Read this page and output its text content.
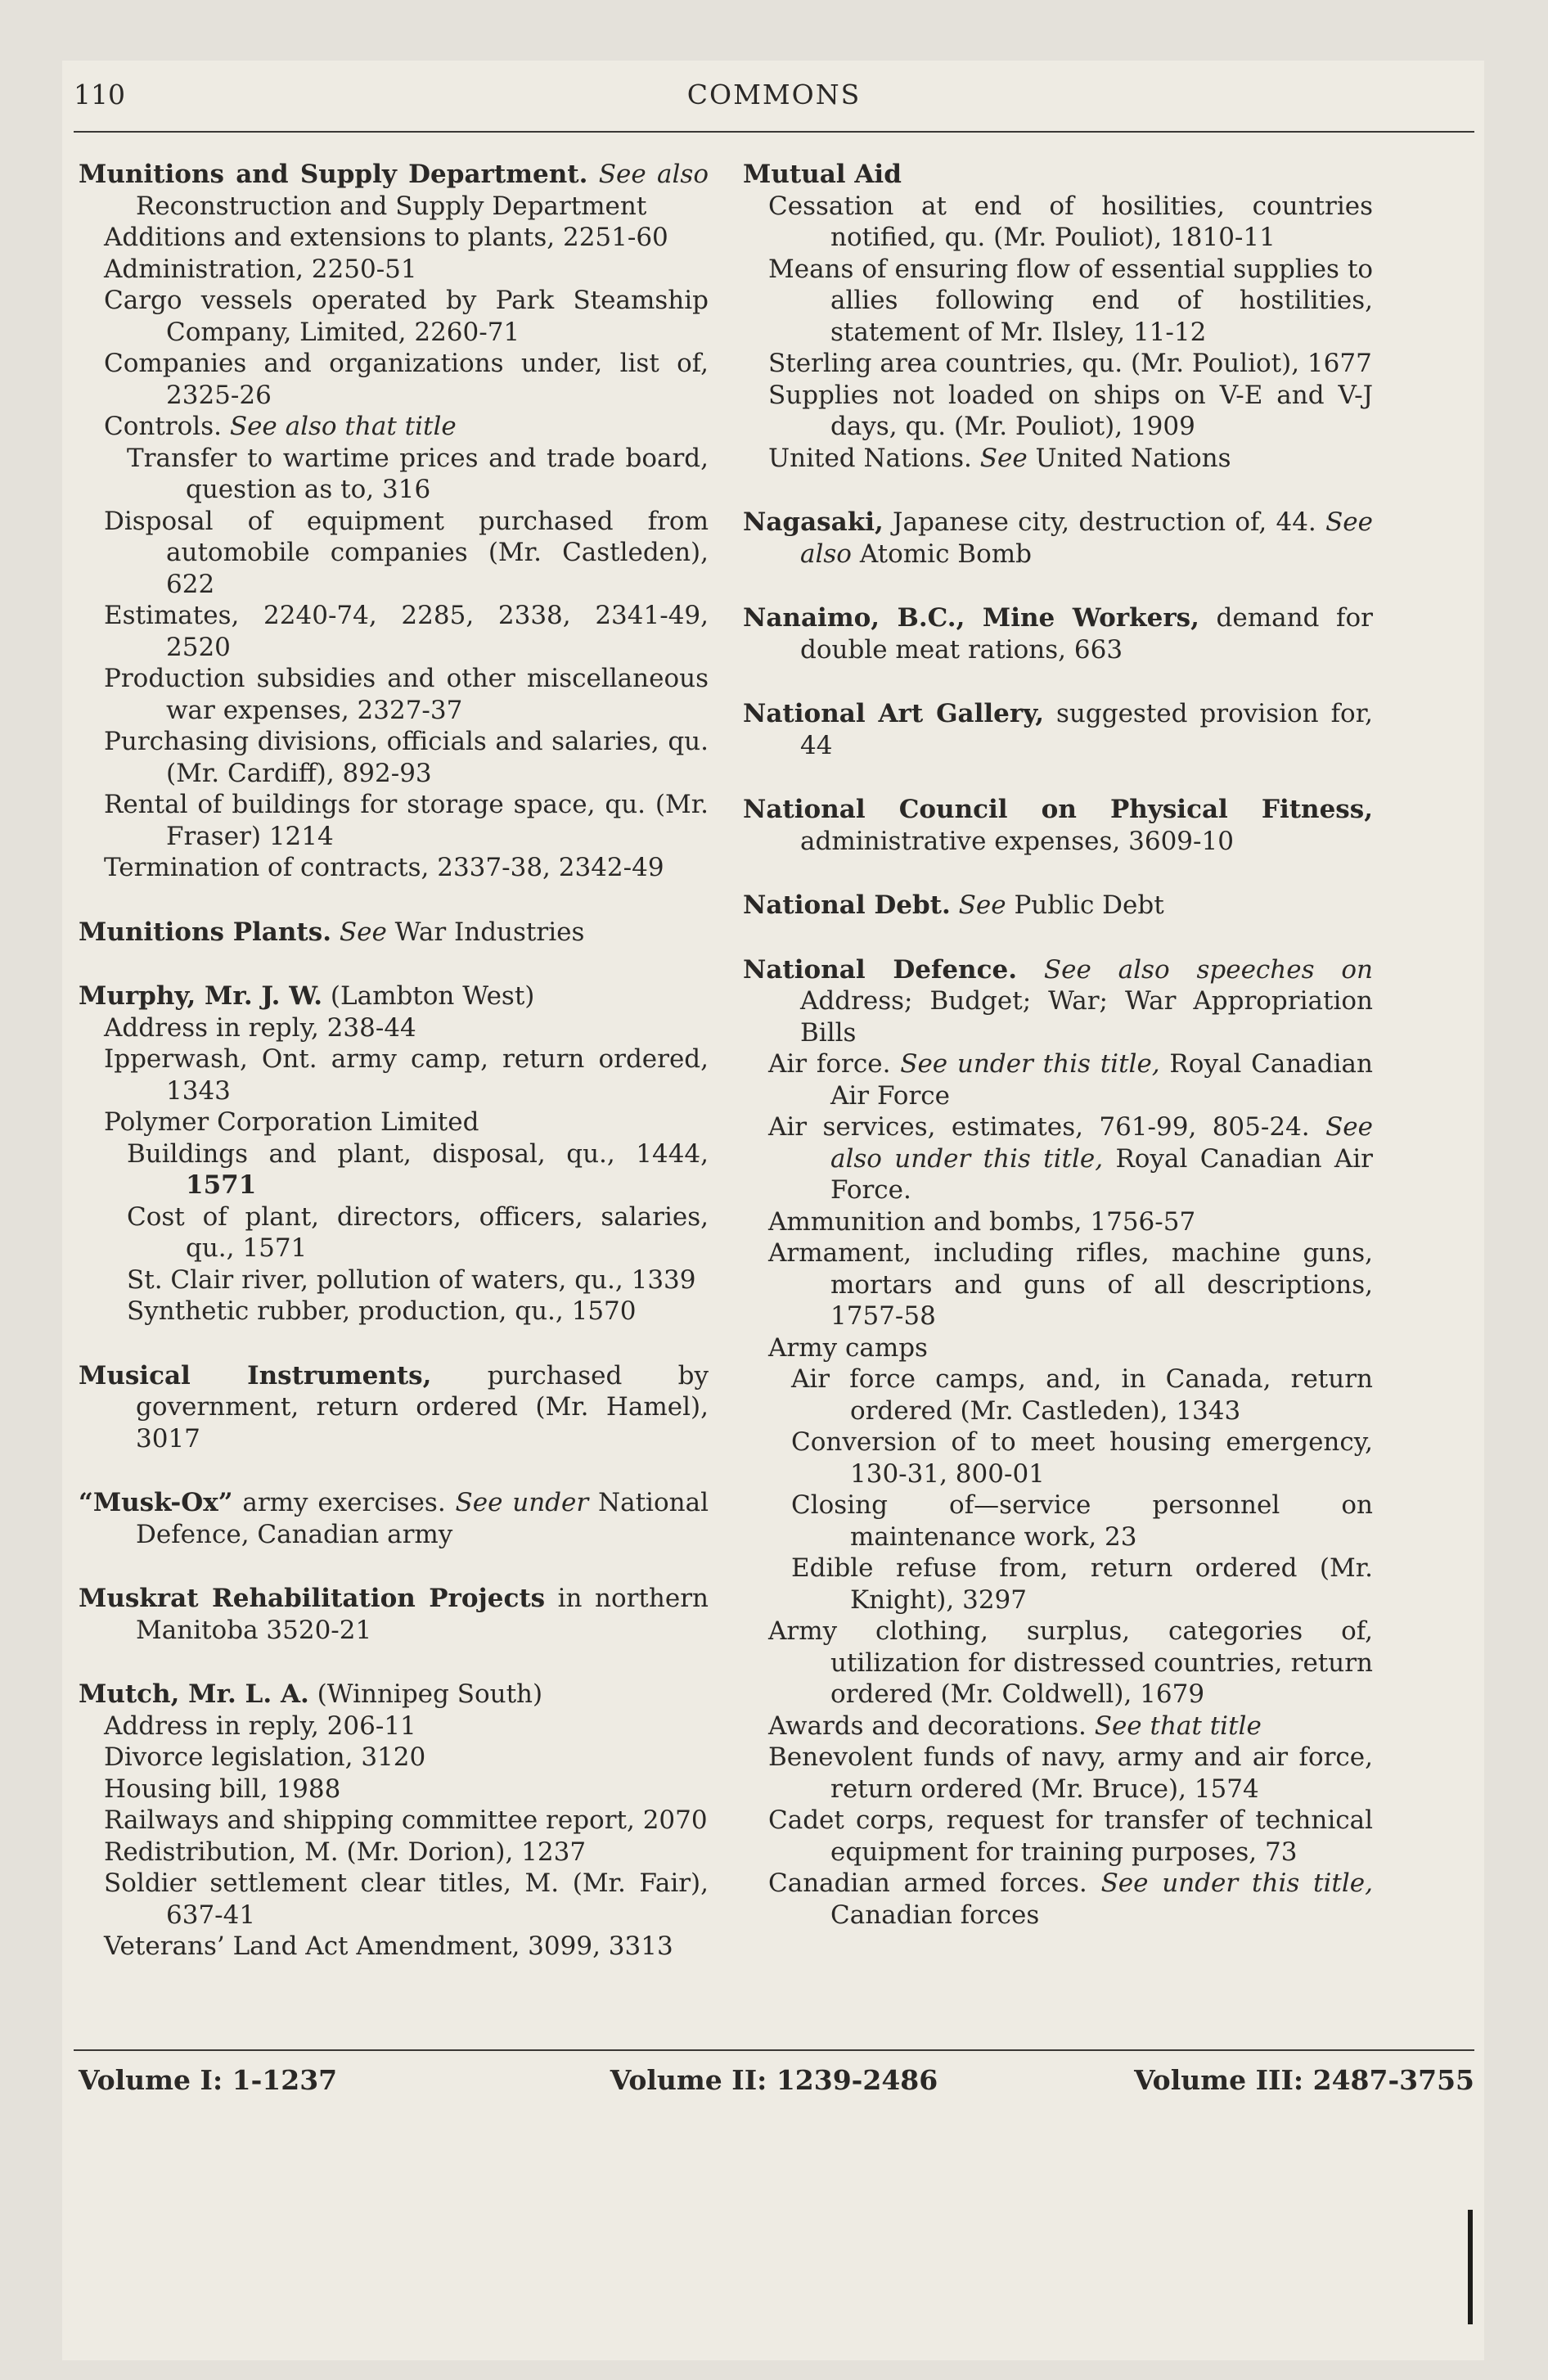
110	COMMONS
Munitions and Supply Department. See also Reconstruction and Supply Department
Additions and extensions to plants, 2251-60
Administration, 2250-51
Cargo vessels operated by Park Steamship Company, Limited, 2260-71
Companies and organizations under, list of, 2325-26
Controls. See also that title
Transfer to wartime prices and trade board, question as to, 316
Disposal of equipment purchased from automobile companies (Mr. Castleden), 622
Estimates, 2240-74, 2285, 2338, 2341-49, 2520
Production subsidies and other miscellaneous war expenses, 2327-37
Purchasing divisions, officials and salaries, qu. (Mr. Cardiff), 892-93
Rental of buildings for storage space, qu. (Mr. Fraser) 1214
Termination of contracts, 2337-38, 2342-49
Munitions Plants. See War Industries
Murphy, Mr. J. W. (Lambton West)
Address in reply, 238-44
Ipperwash, Ont. army camp, return ordered, 1343
Polymer Corporation Limited
Buildings and plant, disposal, qu., 1444, 1571
Cost of plant, directors, officers, salaries, qu., 1571
St. Clair river, pollution of waters, qu., 1339
Synthetic rubber, production, qu., 1570
Musical Instruments, purchased by government, return ordered (Mr. Hamel), 3017
“Musk-Ox” army exercises. See under National Defence, Canadian army
Muskrat Rehabilitation Projects in northern Manitoba 3520-21
Mutch, Mr. L. A. (Winnipeg South)
Address in reply, 206-11
Divorce legislation, 3120
Housing bill, 1988
Railways and shipping committee report, 2070
Redistribution, M. (Mr. Dorion), 1237
Soldier settlement clear titles, M. (Mr. Fair), 637-41
Veterans’ Land Act Amendment, 3099, 3313
Mutual Aid
Cessation at end of hosilities, countries notified, qu. (Mr. Pouliot), 1810-11
Means of ensuring flow of essential supplies to allies following end of hostilities, statement of Mr. Ilsley, 11-12
Sterling area countries, qu. (Mr. Pouliot), 1677
Supplies not loaded on ships on V-E and V-J days, qu. (Mr. Pouliot), 1909
United Nations. See United Nations
Nagasaki, Japanese city, destruction of, 44. See also Atomic Bomb
Nanaimo, B.C., Mine Workers, demand for double meat rations, 663
National Art Gallery, suggested provision for, 44
National Council on Physical Fitness, administrative expenses, 3609-10
National Debt. See Public Debt
National Defence. See also speeches on Address; Budget; War; War Appropriation Bills
Air force. See under this title, Royal Canadian Air Force
Air services, estimates, 761-99, 805-24. See also under this title, Royal Canadian Air Force.
Ammunition and bombs, 1756-57
Armament, including rifles, machine guns, mortars and guns of all descriptions, 1757-58
Army camps
Air force camps, and, in Canada, return ordered (Mr. Castleden), 1343
Conversion of to meet housing emergency, 130-31, 800-01
Closing of—service personnel on maintenance work, 23
Edible refuse from, return ordered (Mr. Knight), 3297
Army clothing, surplus, categories of, utilization for distressed countries, return ordered (Mr. Coldwell), 1679
Awards and decorations. See that title
Benevolent funds of navy, army and air force, return ordered (Mr. Bruce), 1574
Cadet corps, request for transfer of technical equipment for training purposes, 73
Canadian armed forces. See under this title, Canadian forces
Volume I: 1-1237	Volume II: 1239-2486	Volume III: 2487-3755
